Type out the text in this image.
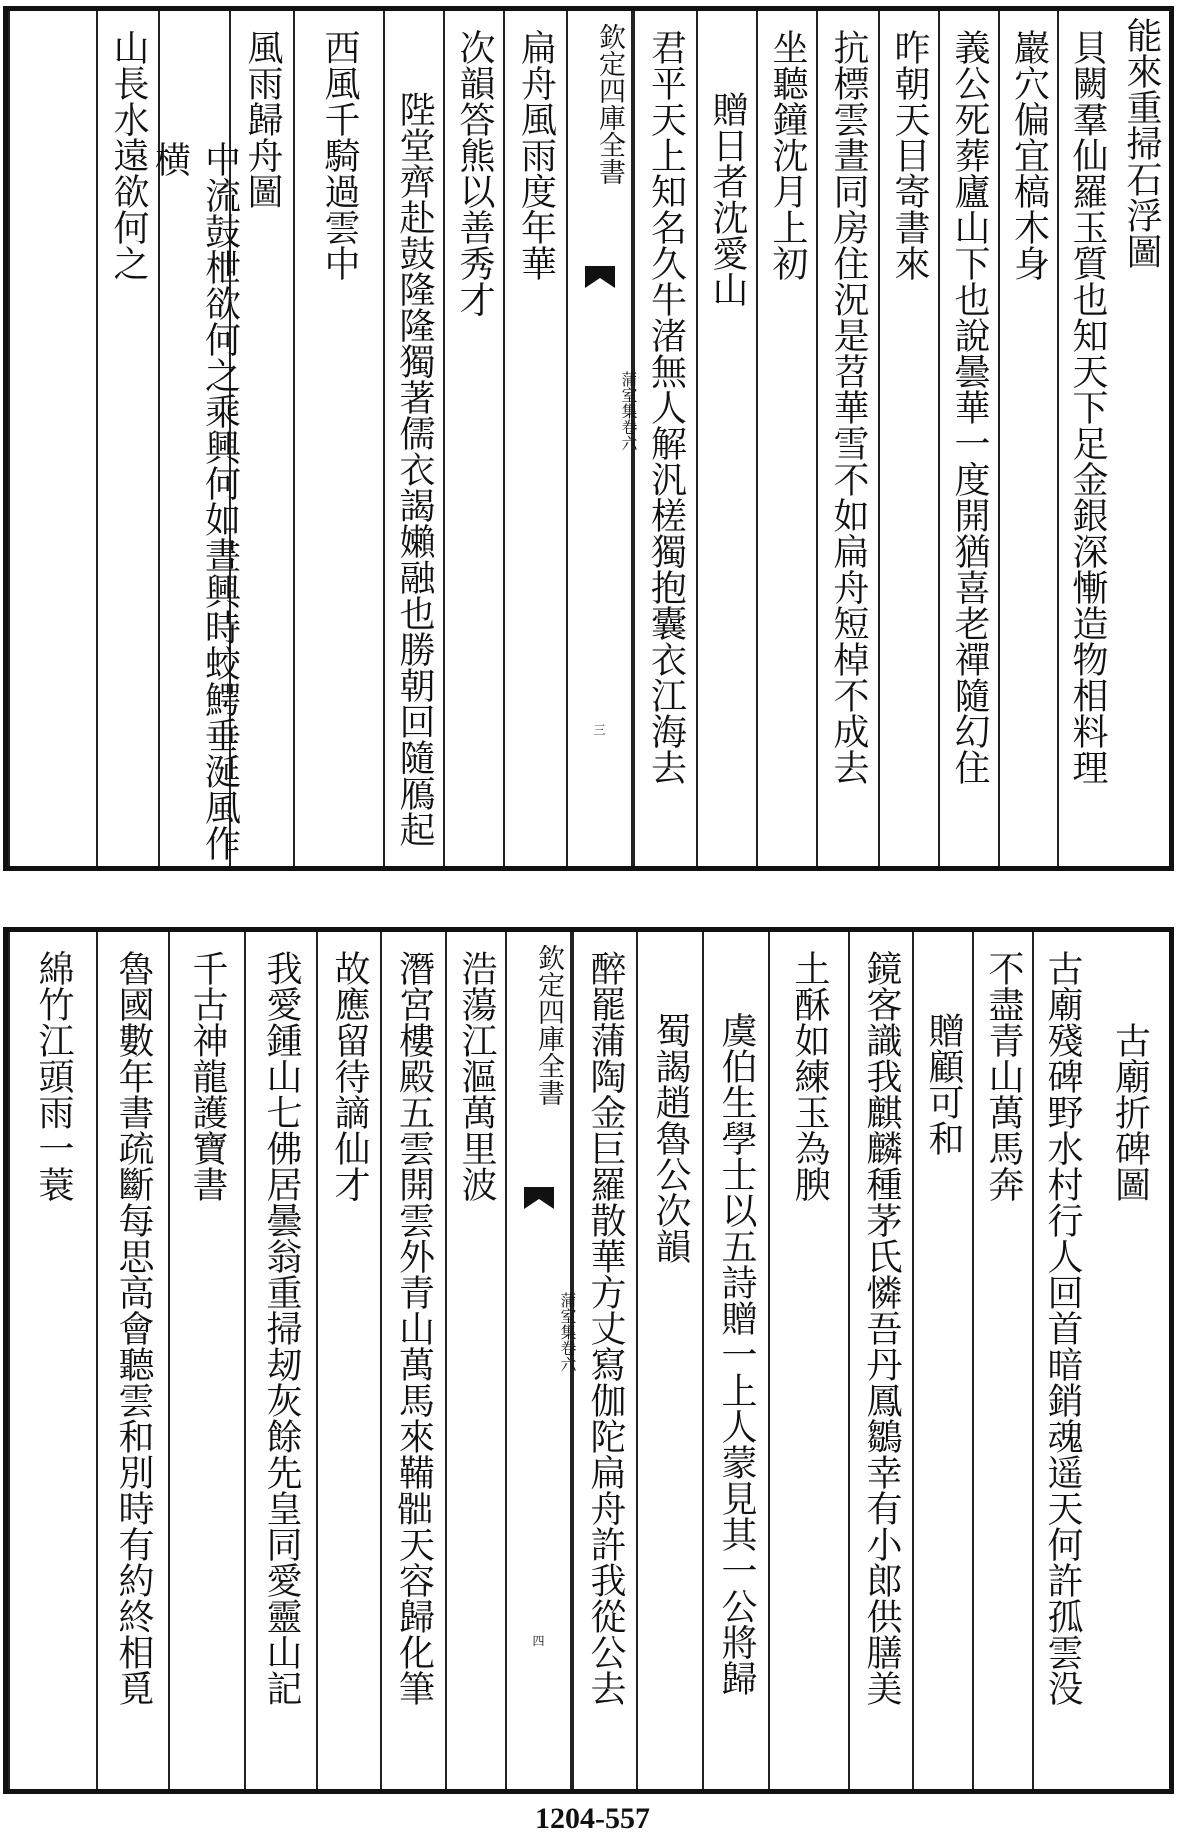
能來重掃石浮圖
貝闕羣仙羅玉質也知天下足金銀深慚造物相料理
巖穴偏宜槁木身
義公死葬廬山下也說曇華一度開猶喜老禪隨幻住
昨朝天目寄書來
抗標雲晝同房住況是苕華雪不如扁舟短棹不成去
坐聽鐘沈月上初
贈日者沈愛山
君平天上知名久牛渚無人解汎槎獨抱囊衣江海去
欽定四庫全書
蒲室集
卷六
三
扁舟風雨度年華
次韻答熊以善秀才
陛堂齊赴鼓隆隆獨著儒衣謁嬾融也勝朝回隨鴈起
西風千騎過雲中
風雨歸舟圖
中流鼓枻欲何之乘興何如晝興時蛟鰐垂涎風作横
山長水遠欲何之
古廟折碑圖
古廟殘碑野水村行人回首暗銷魂遥天何許孤雲没
不盡青山萬馬奔
贈顧可和
鏡客識我麒麟種茅氏憐吾丹鳳鶵幸有小郎供膳美
土酥如練玉為腴
虞伯生學士以五詩贈一上人蒙見其一公將歸
蜀謁趙魯公次韻
醉罷蒲陶金巨羅散華方丈寫伽陀扁舟許我從公去
欽定四庫全書
蒲室集
卷六
四
浩蕩江漚萬里波
潛宮樓殿五雲開雲外青山萬馬來鞴𩨸天容歸化筆
故應留待謫仙才
我愛鍾山七佛居曇翁重掃刼灰餘先皇同愛靈山記
千古神龍護寶書
魯國數年書疏斷每思高會聽雲和別時有約終相覓
綿竹江頭雨一蓑
1204-557
